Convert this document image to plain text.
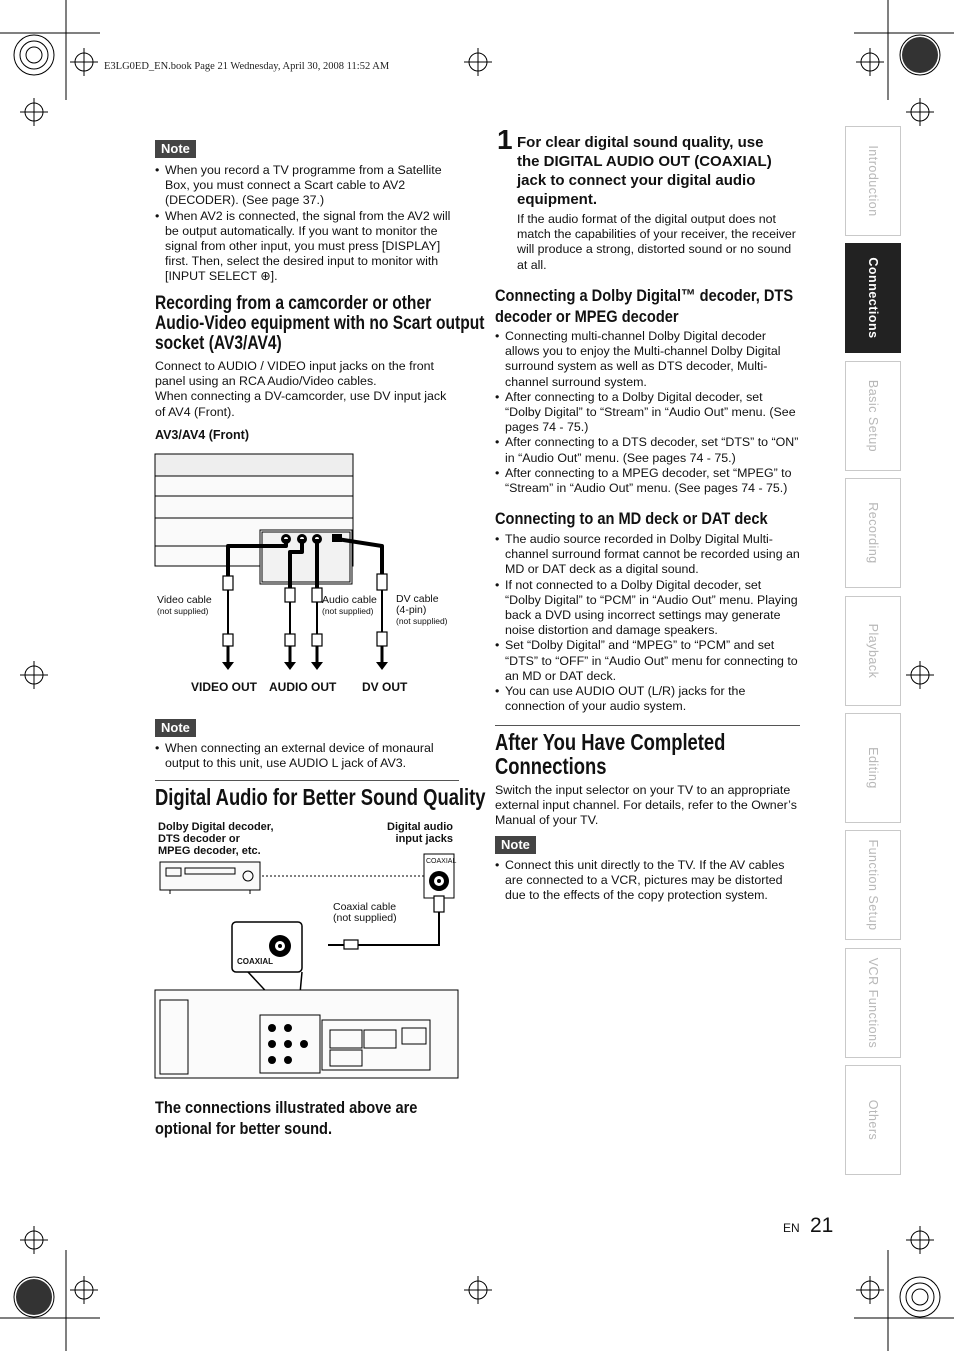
E3LG0ED_EN.book Page 21 Wednesday, April 30, 2008 11:52 AM
Note
• When you record a TV programme from a Satellite Box, you must connect a Scart cable to AV2 (DECODER). (See page 37.)
• When AV2 is connected, the signal from the AV2 will be output automatically. If you want to monitor the signal from other input, you must press [DISPLAY] first. Then, select the desired input to monitor with [INPUT SELECT ⊕].
Recording from a camcorder or other
Audio-Video equipment with no Scart output
socket (AV3/AV4)
Connect to AUDIO / VIDEO input jacks on the front panel using an RCA Audio/Video cables.
When connecting a DV-camcorder, use DV input jack of AV4 (Front).
AV3/AV4 (Front)
Video cable
(not supplied)
Audio cable
(not supplied)
DV cable
(4-pin)
(not supplied)
VIDEO OUT AUDIO OUT DV OUT
Note
• When connecting an external device of monaural output to this unit, use AUDIO L jack of AV3.
Digital Audio for Better Sound Quality
Dolby Digital decoder,
DTS decoder or
MPEG decoder, etc.
Digital audio
input jacks
COAXIAL
Coaxial cable
(not supplied)
COAXIAL
The connections illustrated above are
optional for better sound.
1 For clear digital sound quality, use
the DIGITAL AUDIO OUT (COAXIAL)
jack to connect your digital audio
equipment.
If the audio format of the digital output does not match the capabilities of your receiver, the receiver will produce a strong, distorted sound or no sound at all.
Connecting a Dolby Digital™ decoder, DTS
decoder or MPEG decoder
• Connecting multi-channel Dolby Digital decoder allows you to enjoy the Multi-channel Dolby Digital surround system as well as DTS decoder, Multi-channel surround system.
• After connecting to a Dolby Digital decoder, set “Dolby Digital” to “Stream” in “Audio Out” menu. (See pages 74 - 75.)
• After connecting to a DTS decoder, set “DTS” to “ON” in “Audio Out” menu. (See pages 74 - 75.)
• After connecting to a MPEG decoder, set “MPEG” to “Stream” in “Audio Out” menu. (See pages 74 - 75.)
Connecting to an MD deck or DAT deck
• The audio source recorded in Dolby Digital Multi-channel surround format cannot be recorded using an MD or DAT deck as a digital sound.
• If not connected to a Dolby Digital decoder, set “Dolby Digital” to “PCM” in “Audio Out” menu. Playing back a DVD using incorrect settings may generate noise distortion and damage speakers.
• Set “Dolby Digital” and “MPEG” to “PCM” and set “DTS” to “OFF” in “Audio Out” menu for connecting to an MD or DAT deck.
• You can use AUDIO OUT (L/R) jacks for the connection of your audio system.
After You Have Completed
Connections
Switch the input selector on your TV to an appropriate external input channel. For details, refer to the Owner’s Manual of your TV.
Note
• Connect this unit directly to the TV. If the AV cables are connected to a VCR, pictures may be distorted due to the effects of the copy protection system.
Introduction
Connections
Basic Setup
Recording
Playback
Editing
Function Setup
VCR Functions
Others
EN 21
